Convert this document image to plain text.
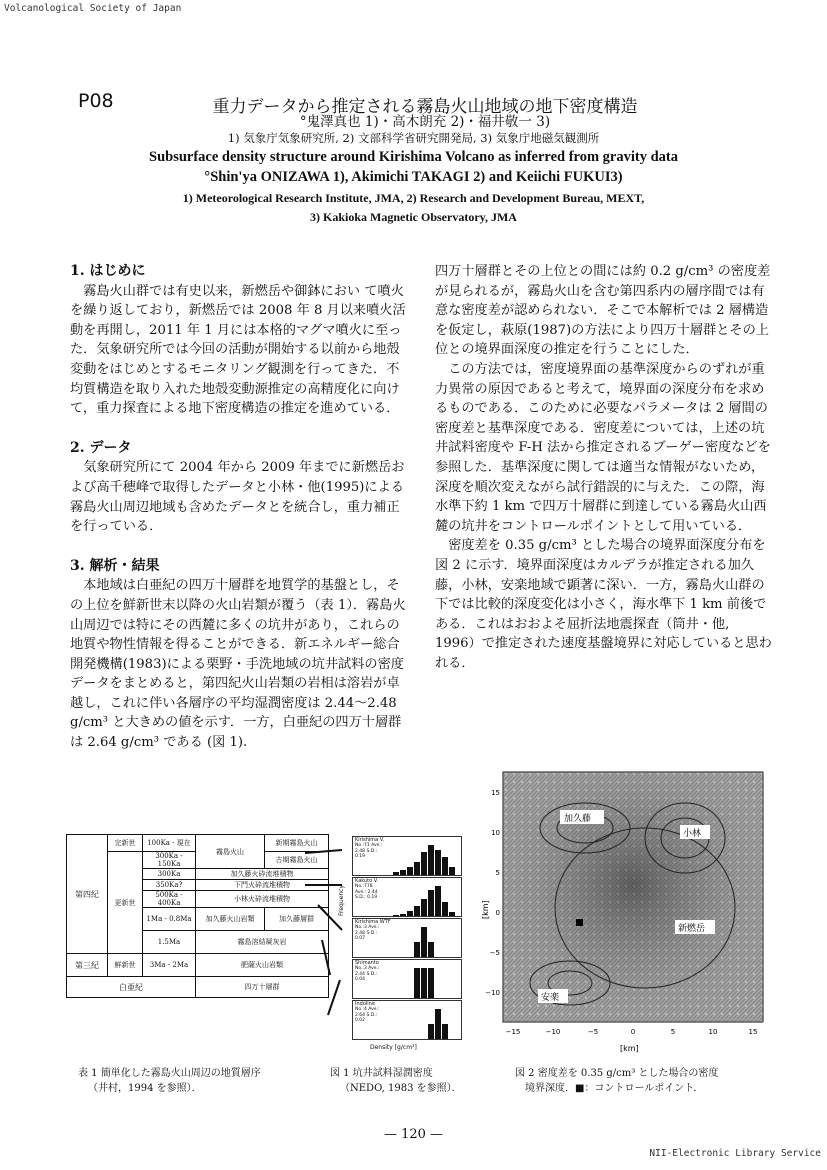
Volcanological Society of Japan
NII-Electronic Library Service
— 120 —
P08	重力データから推定される霧島火山地域の地下密度構造
°鬼澤真也 1)・高木朗充 2)・福井敬一 3)
1) 気象庁気象研究所, 2) 文部科学省研究開発局, 3) 気象庁地磁気観測所
Subsurface density structure around Kirishima Volcano as inferred from gravity data
°Shin'ya ONIZAWA 1), Akimichi TAKAGI 2) and Keiichi FUKUI3)
1) Meteorological Research Institute, JMA, 2) Research and Development Bureau, MEXT,
3) Kakioka Magnetic Observatory, JMA
1. はじめに

霧島火山群では有史以来，新燃岳や御鉢におい て噴火を繰り返しており，新燃岳では 2008 年 8 月以来噴火活動を再開し，2011 年 1 月には本格的マグマ噴火に至った．気象研究所では今回の活動が開始する以前から地殻変動をはじめとするモニタリング観測を行ってきた．不均質構造を取り入れた地殻変動源推定の高精度化に向けて，重力探査による地下密度構造の推定を進めている．

2. データ

気象研究所にて 2004 年から 2009 年までに新燃岳および高千穂峰で取得したデータと小林・他(1995)による霧島火山周辺地域も含めたデータとを統合し，重力補正を行っている．

3. 解析・結果

本地域は白亜紀の四万十層群を地質学的基盤とし，その上位を鮮新世末以降の火山岩類が覆う（表 1）．霧島火山周辺では特にその西麓に多くの坑井があり，これらの地質や物性情報を得ることができる．新エネルギー総合開発機構(1983)による栗野・手洗地域の坑井試料の密度データをまとめると，第四紀火山岩類の岩相は溶岩が卓越し，これに伴い各層序の平均湿潤密度は 2.44～2.48 g/cm³ と大きめの値を示す．一方，白亜紀の四万十層群は 2.64 g/cm³ である (図 1).

四万十層群とその上位との間には約 0.2 g/cm³ の密度差が見られるが，霧島火山を含む第四系内の層序間では有意な密度差が認められない．そこで本解析では 2 層構造を仮定し，萩原(1987)の方法により四万十層群とその上位との境界面深度の推定を行うことにした．

この方法では，密度境界面の基準深度からのずれが重力異常の原因であると考えて，境界面の深度分布を求めるものである．このために必要なパラメータは 2 層間の密度差と基準深度である．密度差については，上述の坑井試料密度や F-H 法から推定されるブーゲー密度などを参照した．基準深度に関しては適当な情報がないため，深度を順次変えながら試行錯誤的に与えた．この際，海水準下約 1 km で四万十層群に到達している霧島火山西麓の坑井をコントロールポイントとして用いている．

密度差を 0.35 g/cm³ とした場合の境界面深度分布を図 2 に示す．境界面深度はカルデラが推定される加久藤，小林，安楽地域で顕著に深い．一方，霧島火山群の下では比較的深度変化は小さく，海水準下 1 km 前後である．これはおおよそ屈折法地震探査（筒井・他, 1996）で推定された速度基盤境界に対応していると思われる．

第四紀	完新世	100Ka - 現在	霧島火山	新期霧島火山
	更新世	300Ka - 150Ka		古期霧島火山
		300Ka	加久藤火砕流堆積物	
		350Ka?	下門火砕流堆積物	
		500Ka - 400Ka	小林火砕流堆積物	
		1Ma - 0.8Ma	加久藤火山岩類	加久藤層群
		1.5Ma	霧島溶結凝灰岩	
第三紀	鮮新世	3Ma - 2Ma	肥薩火山岩類	
白亜紀			四万十層群	
Kirishima V.
No.:71 Ave.: 2.48 S.D.: 0.19
Kakuto V.
No.:778 Ave.: 2.44 S.D.: 0.19
Kirishima WTF
No.:3 Ave.: 2.48 S.D.: 0.07
Shimanto
No.:3 Ave.: 2.44 S.D.: 0.04
Indoline
No.:4 Ave.: 2.64 S.D.: 0.02
Frequency
Density [g/cm³]
加久藤
小林
新燃岳
安楽
15
10
5
0
−5
−10
−15	−10	−5	0	5	10	15
[km]
[km]
表 1 簡単化した霧島火山周辺の地質層序
（井村，1994 を参照）．
図 1 坑井試料湿潤密度
（NEDO, 1983 を参照）．
図 2 密度差を 0.35 g/cm³ とした場合の密度
境界深度．■：コントロールポイント．
